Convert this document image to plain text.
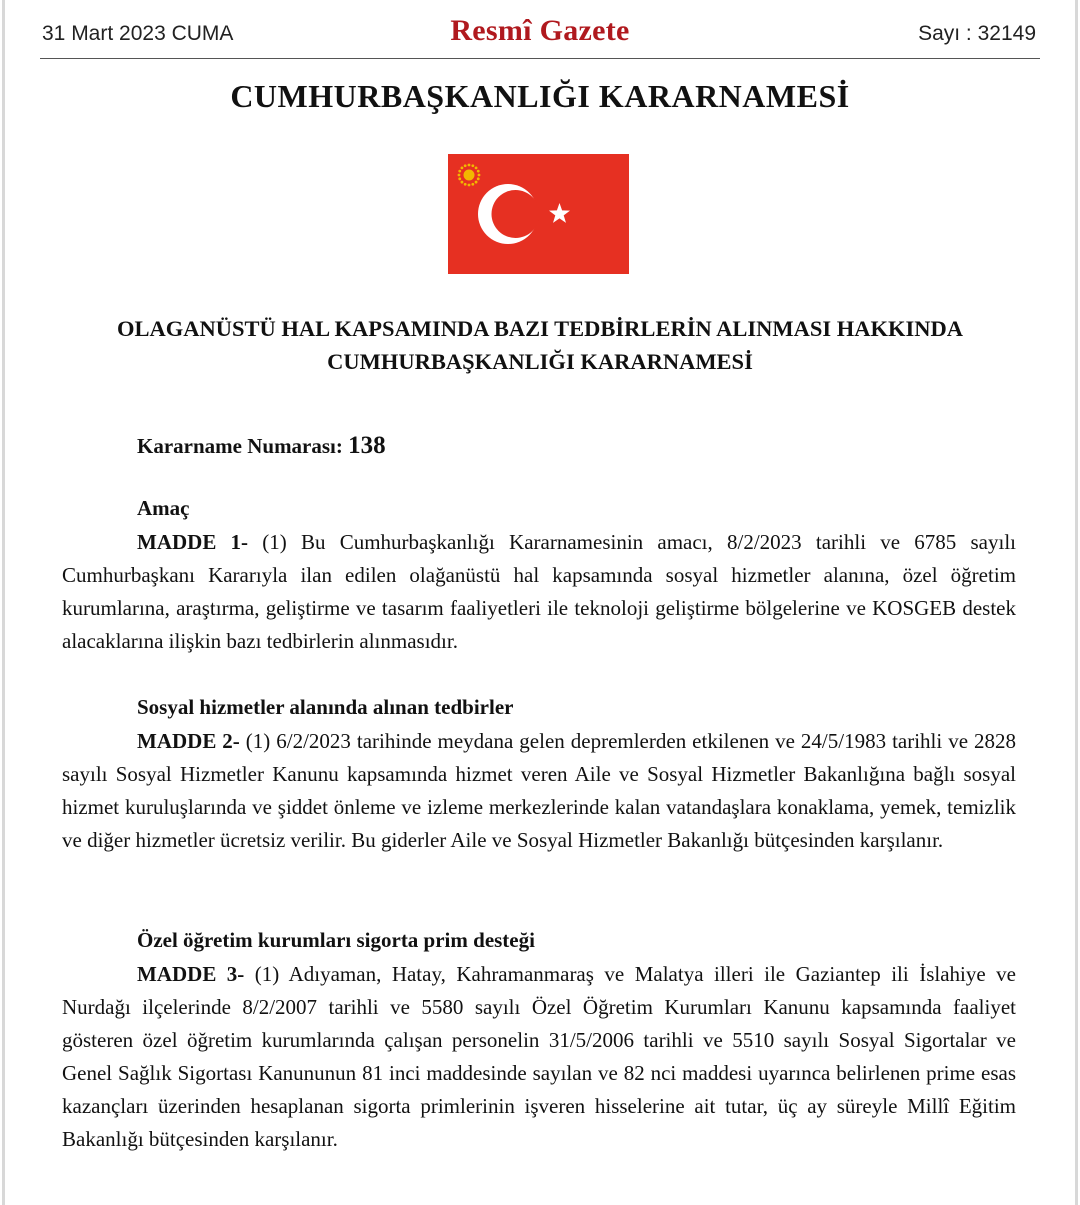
31 Mart 2023 CUMA	Resmî Gazete	Sayı : 32149
CUMHURBAŞKANLIĞI KARARNAMESİ
OLAGANÜSTÜ HAL KAPSAMINDA BAZI TEDBİRLERİN ALINMASI HAKKINDA
CUMHURBAŞKANLIĞI KARARNAMESİ
Kararname Numarası: 138
Amaç

MADDE 1- (1) Bu Cumhurbaşkanlığı Kararnamesinin amacı, 8/2/2023 tarihli ve 6785 sayılı Cumhurbaşkanı Kararıyla ilan edilen olağanüstü hal kapsamında sosyal hizmetler alanına, özel öğretim kurumlarına, araştırma, geliştirme ve tasarım faaliyetleri ile teknoloji geliştirme bölgelerine ve KOSGEB destek alacaklarına ilişkin bazı tedbirlerin alınmasıdır.

Sosyal hizmetler alanında alınan tedbirler

MADDE 2- (1) 6/2/2023 tarihinde meydana gelen depremlerden etkilenen ve 24/5/1983 tarihli ve 2828 sayılı Sosyal Hizmetler Kanunu kapsamında hizmet veren Aile ve Sosyal Hizmetler Bakanlığına bağlı sosyal hizmet kuruluşlarında ve şiddet önleme ve izleme merkezlerinde kalan vatandaşlara konaklama, yemek, temizlik ve diğer hizmetler ücretsiz verilir. Bu giderler Aile ve Sosyal Hizmetler Bakanlığı bütçesinden karşılanır.

Özel öğretim kurumları sigorta prim desteği

MADDE 3- (1) Adıyaman, Hatay, Kahramanmaraş ve Malatya illeri ile Gaziantep ili İslahiye ve Nurdağı ilçelerinde 8/2/2007 tarihli ve 5580 sayılı Özel Öğretim Kurumları Kanunu kapsamında faaliyet gösteren özel öğretim kurumlarında çalışan personelin 31/5/2006 tarihli ve 5510 sayılı Sosyal Sigortalar ve Genel Sağlık Sigortası Kanununun 81 inci maddesinde sayılan ve 82 nci maddesi uyarınca belirlenen prime esas kazançları üzerinden hesaplanan sigorta primlerinin işveren hisselerine ait tutar, üç ay süreyle Millî Eğitim Bakanlığı bütçesinden karşılanır.
